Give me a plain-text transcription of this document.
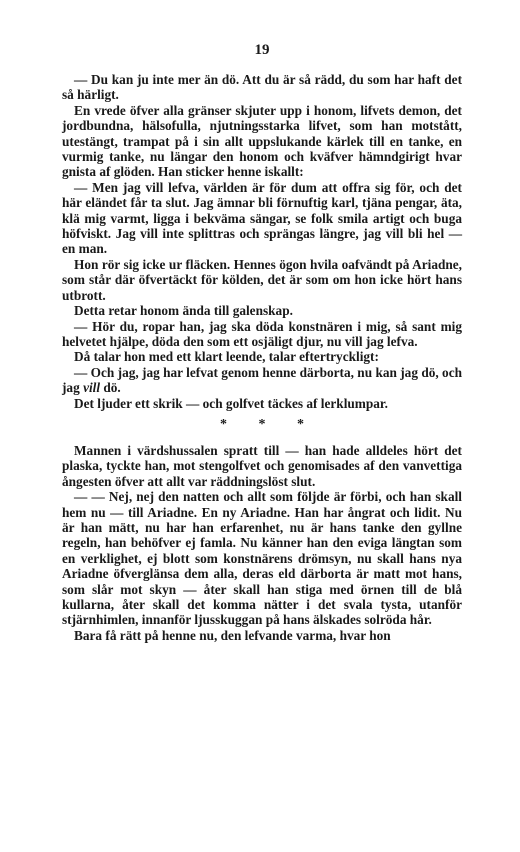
19

— Du kan ju inte mer än dö. Att du är så rädd, du som har haft det så härligt.

En vrede öfver alla gränser skjuter upp i honom, lifvets demon, det jordbundna, hälsofulla, njutningsstarka lifvet, som han motstått, utestängt, trampat på i sin allt uppslukande kärlek till en tanke, en vurmig tanke, nu längar den honom och kväfver hämndgirigt hvar gnista af glöden. Han sticker henne iskallt:

— Men jag vill lefva, världen är för dum att offra sig för, och det här eländet får ta slut. Jag ämnar bli förnuftig karl, tjäna pengar, äta, klä mig varmt, ligga i bekväma sängar, se folk smila artigt och buga höfviskt. Jag vill inte splittras och sprängas längre, jag vill bli hel — en man.

Hon rör sig icke ur fläcken. Hennes ögon hvila oafvändt på Ariadne, som står där öfvertäckt för kölden, det är som om hon icke hört hans utbrott.

Detta retar honom ända till galenskap.

— Hör du, ropar han, jag ska döda konstnären i mig, så sant mig helvetet hjälpe, döda den som ett osjäligt djur, nu vill jag lefva.

Då talar hon med ett klart leende, talar eftertryckligt:

— Och jag, jag har lefvat genom henne därborta, nu kan jag dö, och jag vill dö.

Det ljuder ett skrik — och golfvet täckes af lerklumpar.

* * *

Mannen i värdshussalen spratt till — han hade alldeles hört det plaska, tyckte han, mot stengolfvet och genomisades af den vanvettiga ångesten öfver att allt var räddningslöst slut.

— — Nej, nej den natten och allt som följde är förbi, och han skall hem nu — till Ariadne. En ny Ariadne. Han har ångrat och lidit. Nu är han mätt, nu har han erfarenhet, nu är hans tanke den gyllne regeln, han behöfver ej famla. Nu känner han den eviga längtan som en verklighet, ej blott som konstnärens drömsyn, nu skall hans nya Ariadne öfverglänsa dem alla, deras eld därborta är matt mot hans, som slår mot skyn — åter skall han stiga med örnen till de blå kullarna, åter skall det komma nätter i det svala tysta, utanför stjärnhimlen, innanför ljusskuggan på hans älskades solröda hår.

Bara få rätt på henne nu, den lefvande varma, hvar hon
